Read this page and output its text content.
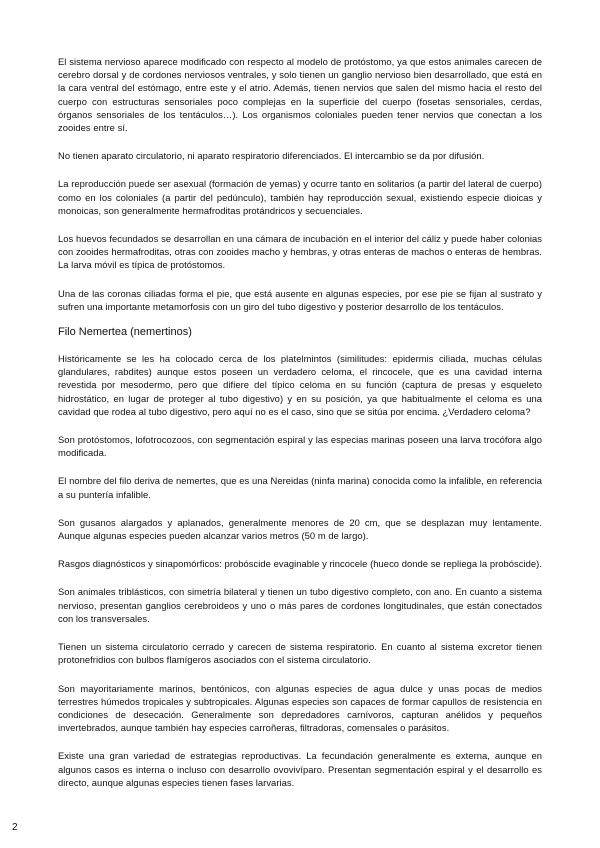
El sistema nervioso aparece modificado con respecto al modelo de protóstomo, ya que estos animales carecen de cerebro dorsal y de cordones nerviosos ventrales, y solo tienen un ganglio nervioso bien desarrollado, que está en la cara ventral del estómago, entre este y el atrio. Además, tienen nervios que salen del mismo hacia el resto del cuerpo con estructuras sensoriales poco complejas en la superficie del cuerpo (fosetas sensoriales, cerdas, órganos sensoriales de los tentáculos…). Los organismos coloniales pueden tener nervios que conectan a los zooides entre sí.

No tienen aparato circulatorio, ni aparato respiratorio diferenciados. El intercambio se da por difusión.

La reproducción puede ser asexual (formación de yemas) y ocurre tanto en solitarios (a partir del lateral de cuerpo) como en los coloniales (a partir del pedúnculo), también hay reproducción sexual, existiendo especie dioicas y monoicas, son generalmente hermafroditas protándricos y secuenciales.

Los huevos fecundados se desarrollan en una cámara de incubación en el interior del cáliz y puede haber colonias con zooides hermafroditas, otras con zooides macho y hembras, y otras enteras de machos o enteras de hembras. La larva móvil es típica de protóstomos.

Una de las coronas ciliadas forma el pie, que está ausente en algunas especies, por ese pie se fijan al sustrato y sufren una importante metamorfosis con un giro del tubo digestivo y posterior desarrollo de los tentáculos.

Filo Nemertea (nemertinos)

Históricamente se les ha colocado cerca de los platelmintos (similitudes: epidermis ciliada, muchas células glandulares, rabdites) aunque estos poseen un verdadero celoma, el rincocele, que es una cavidad interna revestida por mesodermo, pero que difiere del típico celoma en su función (captura de presas y esqueleto hidrostático, en lugar de proteger al tubo digestivo) y en su posición, ya que habitualmente el celoma es una cavidad que rodea al tubo digestivo, pero aquí no es el caso, sino que se sitúa por encima. ¿Verdadero celoma?

Son protóstomos, lofotrocozoos, con segmentación espiral y las especias marinas poseen una larva trocófora algo modificada.

El nombre del filo deriva de nemertes, que es una Nereidas (ninfa marina) conocida como la infalible, en referencia a su puntería infalible.

Son gusanos alargados y aplanados, generalmente menores de 20 cm, que se desplazan muy lentamente. Aunque algunas especies pueden alcanzar varios metros (50 m de largo).

Rasgos diagnósticos y sinapomórficos: probóscide evaginable y rincocele (hueco donde se repliega la probóscide).

Son animales triblásticos, con simetría bilateral y tienen un tubo digestivo completo, con ano. En cuanto a sistema nervioso, presentan ganglios cerebroideos y uno o más pares de cordones longitudinales, que están conectados con los transversales.

Tienen un sistema circulatorio cerrado y carecen de sistema respiratorio. En cuanto al sistema excretor tienen protonefridios con bulbos flamígeros asociados con el sistema circulatorio.

Son mayoritariamente marinos, bentónicos, con algunas especies de agua dulce y unas pocas de medios terrestres húmedos tropicales y subtropicales. Algunas especies son capaces de formar capullos de resistencia en condiciones de desecación. Generalmente son depredadores carnívoros, capturan anélidos y pequeños invertebrados, aunque también hay especies carroñeras, filtradoras, comensales o parásitos.

Existe una gran variedad de estrategias reproductivas. La fecundación generalmente es externa, aunque en algunos casos es interna o incluso con desarrollo ovovivíparo. Presentan segmentación espiral y el desarrollo es directo, aunque algunas especies tienen fases larvarias.

2
